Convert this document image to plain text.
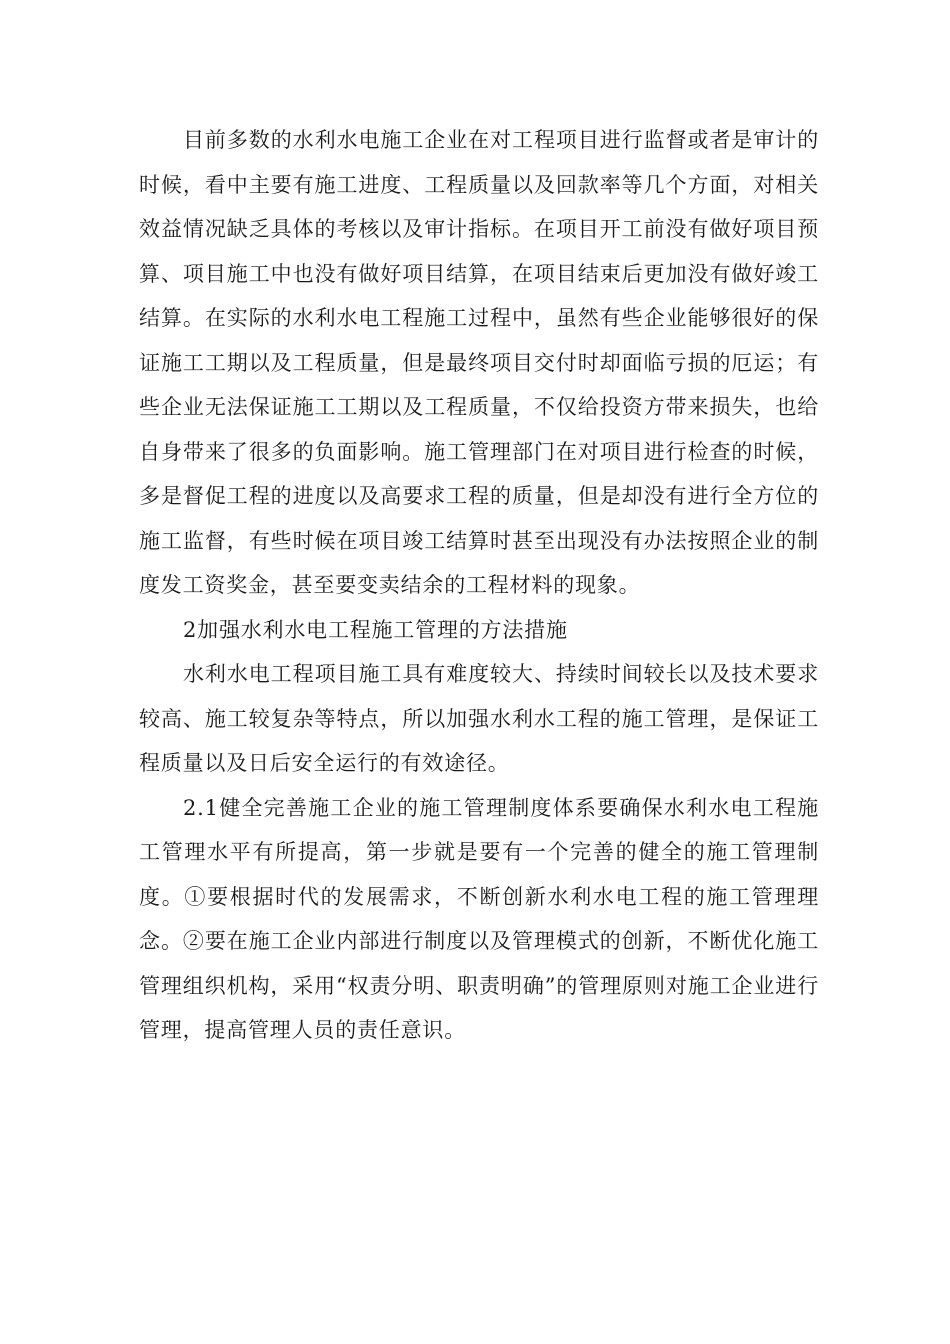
目前多数的水利水电施工企业在对工程项目进行监督或者是审计的时候，看中主要有施工进度、工程质量以及回款率等几个方面，对相关效益情况缺乏具体的考核以及审计指标。在项目开工前没有做好项目预算、项目施工中也没有做好项目结算，在项目结束后更加没有做好竣工结算。在实际的水利水电工程施工过程中，虽然有些企业能够很好的保证施工工期以及工程质量，但是最终项目交付时却面临亏损的厄运；有些企业无法保证施工工期以及工程质量，不仅给投资方带来损失，也给自身带来了很多的负面影响。施工管理部门在对项目进行检查的时候，多是督促工程的进度以及高要求工程的质量，但是却没有进行全方位的施工监督，有些时候在项目竣工结算时甚至出现没有办法按照企业的制度发工资奖金，甚至要变卖结余的工程材料的现象。

2加强水利水电工程施工管理的方法措施

水利水电工程项目施工具有难度较大、持续时间较长以及技术要求较高、施工较复杂等特点，所以加强水利水工程的施工管理，是保证工程质量以及日后安全运行的有效途径。

2.1健全完善施工企业的施工管理制度体系要确保水利水电工程施工管理水平有所提高，第一步就是要有一个完善的健全的施工管理制度。①要根据时代的发展需求，不断创新水利水电工程的施工管理理念。②要在施工企业内部进行制度以及管理模式的创新，不断优化施工管理组织机构，采用“权责分明、职责明确”的管理原则对施工企业进行管理，提高管理人员的责任意识。
